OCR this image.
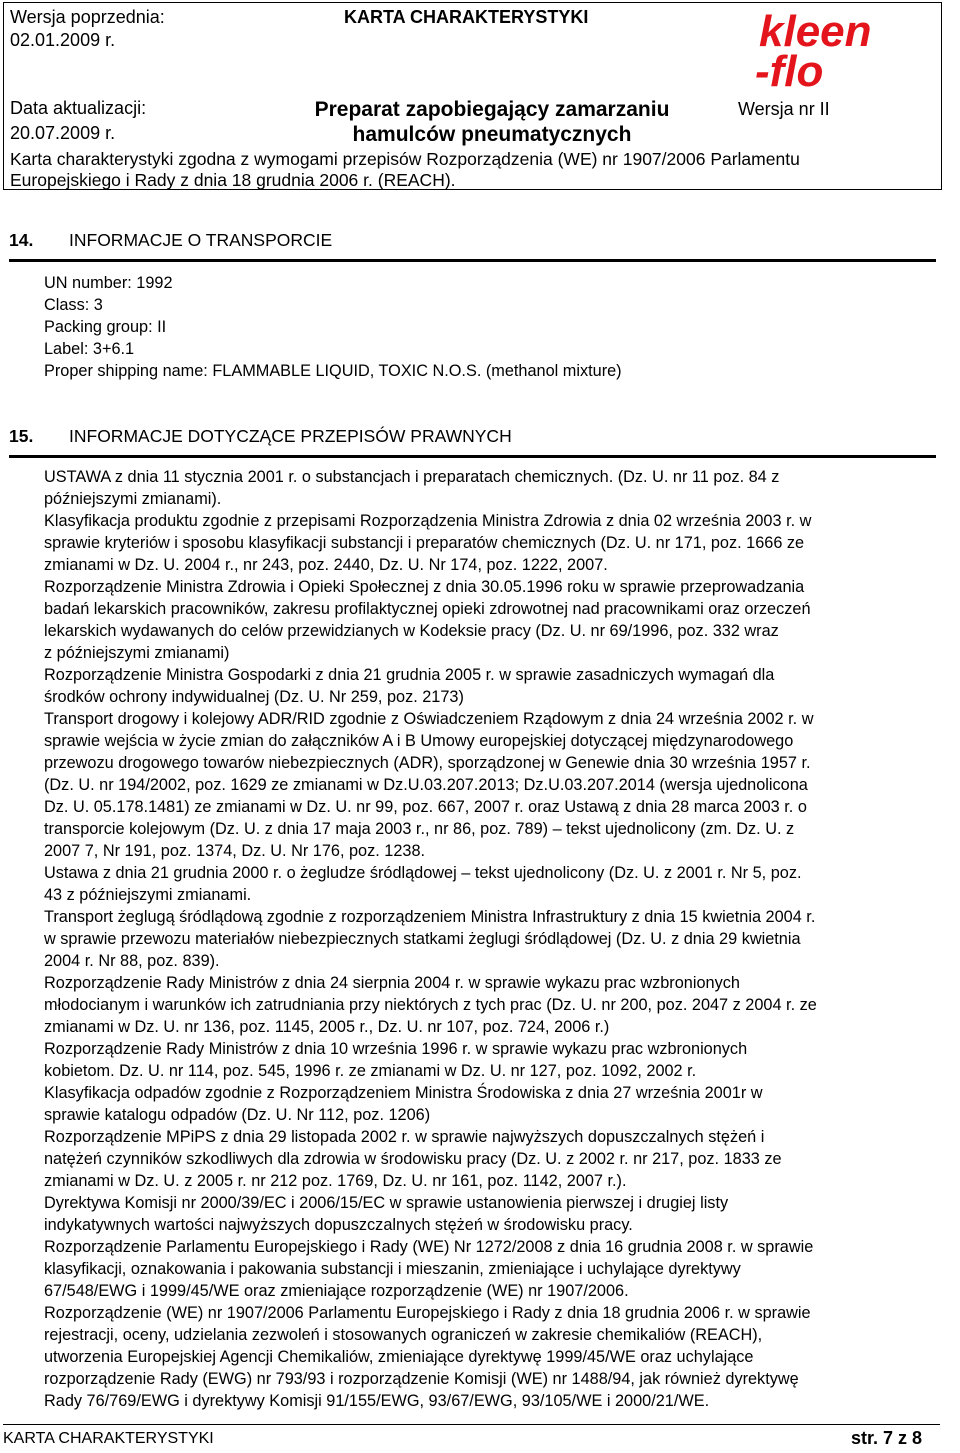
Wersja poprzednia:
02.01.2009 r.
KARTA CHARAKTERYSTYKI
Data aktualizacji:
20.07.2009 r.
Preparat zapobiegający zamarzaniu
hamulców pneumatycznych
Wersja nr II
kleen
-flo
Karta charakterystyki zgodna z wymogami przepisów Rozporządzenia (WE) nr 1907/2006 Parlamentu
Europejskiego i Rady z dnia 18 grudnia 2006 r. (REACH).
14. INFORMACJE O TRANSPORCIE
UN number: 1992
Class: 3
Packing group: II
Label: 3+6.1
Proper shipping name: FLAMMABLE LIQUID, TOXIC N.O.S. (methanol mixture)
15. INFORMACJE DOTYCZĄCE PRZEPISÓW PRAWNYCH
USTAWA z dnia 11 stycznia 2001 r. o substancjach i preparatach chemicznych. (Dz. U. nr 11 poz. 84 z
późniejszymi zmianami).
Klasyfikacja produktu zgodnie z przepisami Rozporządzenia Ministra Zdrowia z dnia 02 września 2003 r. w
sprawie kryteriów i sposobu klasyfikacji substancji i preparatów chemicznych (Dz. U. nr 171, poz. 1666 ze
zmianami w Dz. U. 2004 r., nr 243, poz. 2440, Dz. U. Nr 174, poz. 1222, 2007.
Rozporządzenie Ministra Zdrowia i Opieki Społecznej z dnia 30.05.1996 roku w sprawie przeprowadzania
badań lekarskich pracowników, zakresu profilaktycznej opieki zdrowotnej nad pracownikami oraz orzeczeń
lekarskich wydawanych do celów przewidzianych w Kodeksie pracy (Dz. U. nr 69/1996, poz. 332 wraz
z późniejszymi zmianami)
Rozporządzenie Ministra Gospodarki z dnia 21 grudnia 2005 r. w sprawie zasadniczych wymagań dla
środków ochrony indywidualnej (Dz. U. Nr 259, poz. 2173)
Transport drogowy i kolejowy ADR/RID zgodnie z Oświadczeniem Rządowym z dnia 24 września 2002 r. w
sprawie wejścia w życie zmian do załączników A i B Umowy europejskiej dotyczącej międzynarodowego
przewozu drogowego towarów niebezpiecznych (ADR), sporządzonej w Genewie dnia 30 września 1957 r.
(Dz. U. nr 194/2002, poz. 1629 ze zmianami w Dz.U.03.207.2013; Dz.U.03.207.2014 (wersja ujednolicona
Dz. U. 05.178.1481) ze zmianami w Dz. U. nr 99, poz. 667, 2007 r. oraz Ustawą z dnia 28 marca 2003 r. o
transporcie kolejowym (Dz. U. z dnia 17 maja 2003 r., nr 86, poz. 789) – tekst ujednolicony (zm. Dz. U. z
2007 7, Nr 191, poz. 1374, Dz. U. Nr 176, poz. 1238.
Ustawa z dnia 21 grudnia 2000 r. o żegludze śródlądowej – tekst ujednolicony (Dz. U. z 2001 r. Nr 5, poz.
43 z późniejszymi zmianami.
Transport żeglugą śródlądową zgodnie z rozporządzeniem Ministra Infrastruktury z dnia 15 kwietnia 2004 r.
w sprawie przewozu materiałów niebezpiecznych statkami żeglugi śródlądowej (Dz. U. z dnia 29 kwietnia
2004 r. Nr 88, poz. 839).
Rozporządzenie Rady Ministrów z dnia 24 sierpnia 2004 r. w sprawie wykazu prac wzbronionych
młodocianym i warunków ich zatrudniania przy niektórych z tych prac (Dz. U. nr 200, poz. 2047 z 2004 r. ze
zmianami w Dz. U. nr 136, poz. 1145, 2005 r., Dz. U. nr 107, poz. 724, 2006 r.)
Rozporządzenie Rady Ministrów z dnia 10 września 1996 r. w sprawie wykazu prac wzbronionych
kobietom. Dz. U. nr 114, poz. 545, 1996 r. ze zmianami w Dz. U. nr 127, poz. 1092, 2002 r.
Klasyfikacja odpadów zgodnie z Rozporządzeniem Ministra Środowiska z dnia 27 września 2001r w
sprawie katalogu odpadów (Dz. U. Nr 112, poz. 1206)
Rozporządzenie MPiPS z dnia 29 listopada 2002 r. w sprawie najwyższych dopuszczalnych stężeń i
natężeń czynników szkodliwych dla zdrowia w środowisku pracy (Dz. U. z 2002 r. nr 217, poz. 1833 ze
zmianami w Dz. U. z 2005 r. nr 212 poz. 1769, Dz. U. nr 161, poz. 1142, 2007 r.).
Dyrektywa Komisji nr 2000/39/EC i 2006/15/EC w sprawie ustanowienia pierwszej i drugiej listy
indykatywnych wartości najwyższych dopuszczalnych stężeń w środowisku pracy.
Rozporządzenie Parlamentu Europejskiego i Rady (WE) Nr 1272/2008 z dnia 16 grudnia 2008 r. w sprawie
klasyfikacji, oznakowania i pakowania substancji i mieszanin, zmieniające i uchylające dyrektywy
67/548/EWG i 1999/45/WE oraz zmieniające rozporządzenie (WE) nr 1907/2006.
Rozporządzenie (WE) nr 1907/2006 Parlamentu Europejskiego i Rady z dnia 18 grudnia 2006 r. w sprawie
rejestracji, oceny, udzielania zezwoleń i stosowanych ograniczeń w zakresie chemikaliów (REACH),
utworzenia Europejskiej Agencji Chemikaliów, zmieniające dyrektywę 1999/45/WE oraz uchylające
rozporządzenie Rady (EWG) nr 793/93 i rozporządzenie Komisji (WE) nr 1488/94, jak również dyrektywę
Rady 76/769/EWG i dyrektywy Komisji 91/155/EWG, 93/67/EWG, 93/105/WE i 2000/21/WE.
KARTA CHARAKTERYSTYKI	str. 7 z 8
